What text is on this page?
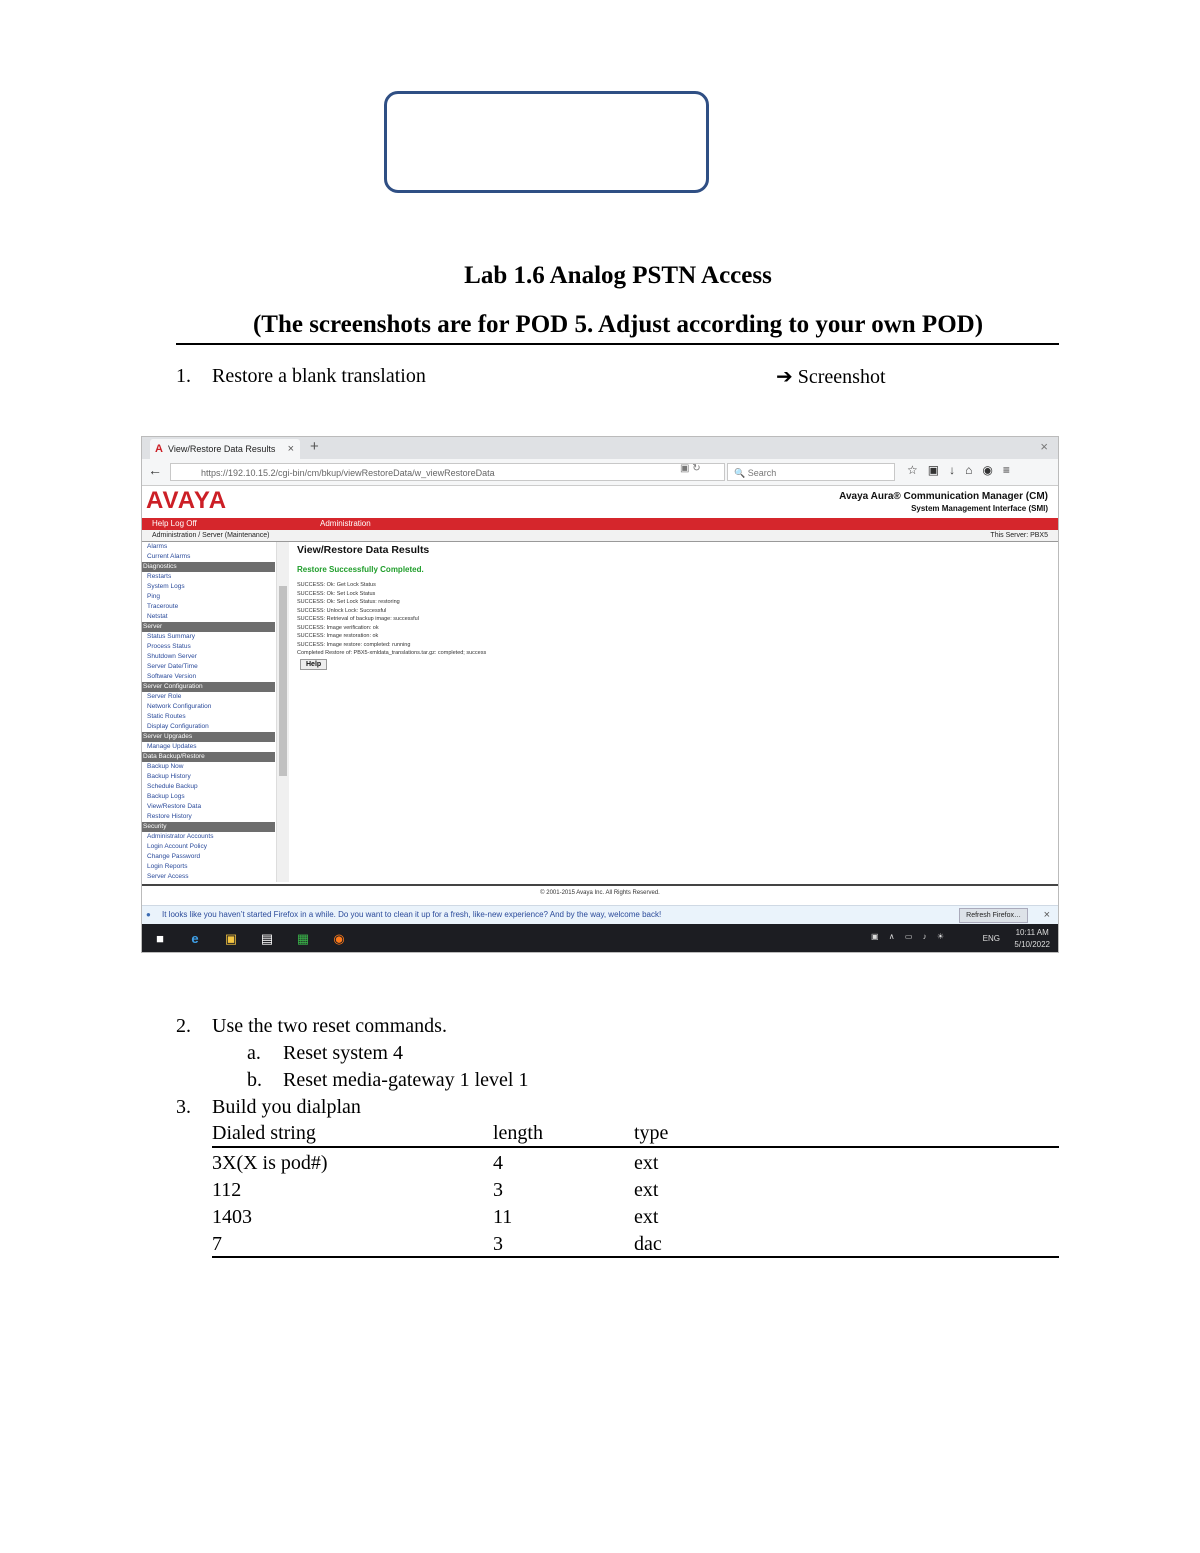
Lab 1.6 Analog PSTN Access
(The screenshots are for POD 5. Adjust according to your own POD)
1. Restore a blank translation	➔ Screenshot
A View/Restore Data Results × +	×
←	https://192.10.15.2/cgi-bin/cm/bkup/viewRestoreData/w_viewRestoreData	▣ ↻	🔍 Search	☆▣↓⌂◉≡
AVAYA	Avaya Aura® Communication Manager (CM)
System Management Interface (SMI)
Help Log Off	Administration
Administration / Server (Maintenance)	This Server: PBX5
Alarms
Current Alarms
Diagnostics
Restarts
System Logs
Ping
Traceroute
Netstat
Server
Status Summary
Process Status
Shutdown Server
Server Date/Time
Software Version
Server Configuration
Server Role
Network Configuration
Static Routes
Display Configuration
Server Upgrades
Manage Updates
Data Backup/Restore
Backup Now
Backup History
Schedule Backup
Backup Logs
View/Restore Data
Restore History
Security
Administrator Accounts
Login Account Policy
Change Password
Login Reports
Server Access
View/Restore Data Results
Restore Successfully Completed.
SUCCESS: Ok: Get Lock Status
SUCCESS: Ok: Set Lock Status
SUCCESS: Ok: Set Lock Status: restoring
SUCCESS: Unlock Lock: Successful
SUCCESS: Retrieval of backup image: successful
SUCCESS: Image verification: ok
SUCCESS: Image restoration: ok
SUCCESS: Image restore: completed: running
Completed Restore of: PBX5-xmldata_translations.tar.gz: completed; success
Help
© 2001-2015 Avaya Inc. All Rights Reserved.
● It looks like you haven’t started Firefox in a while. Do you want to clean it up for a fresh, like-new experience? And by the way, welcome back!	Refresh Firefox…	×
■	e	▣ ▤ ▦ ◉	▣ ∧ ▭ ♪ ☀	ENG
10:11 AM
5/10/2022
2. Use the two reset commands.
a. Reset system 4
b. Reset media-gateway 1 level 1
3. Build you dialplan
Dialed string	length	type
3X(X is pod#)	4	ext
112	3	ext
1403	11	ext
7	3	dac
